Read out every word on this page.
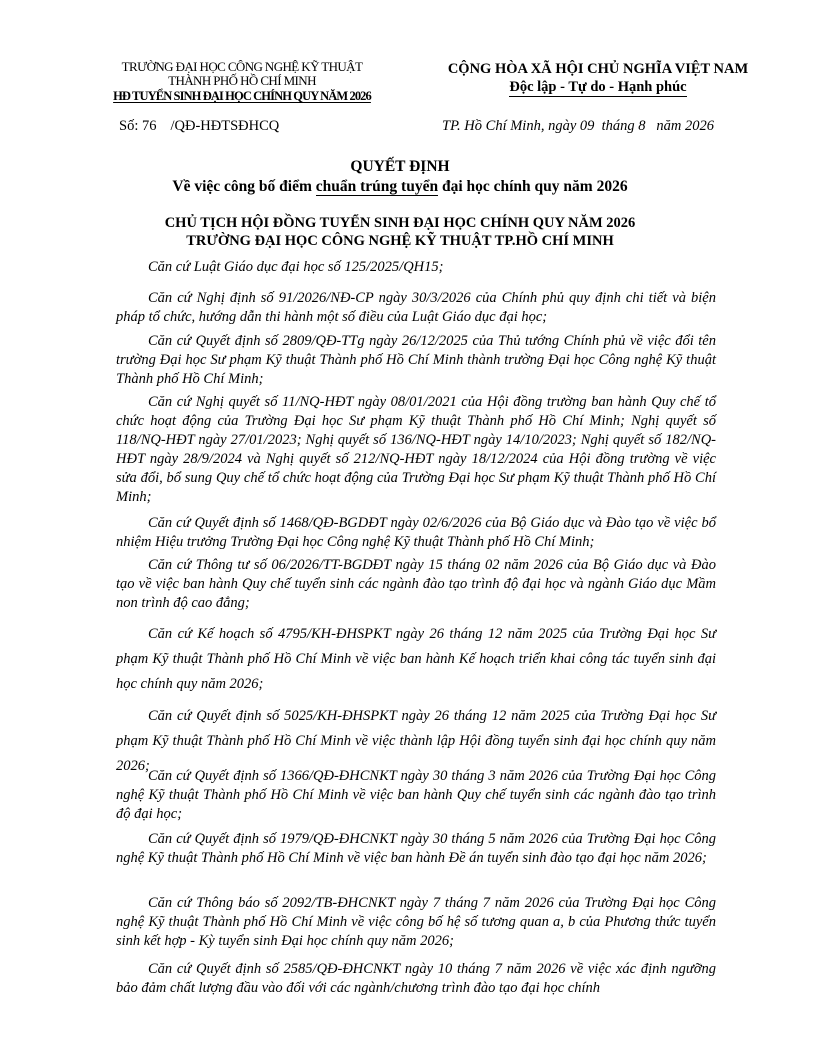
TRƯỜNG ĐẠI HỌC CÔNG NGHỆ KỸ THUẬT
THÀNH PHỐ HỒ CHÍ MINH
HĐ TUYỂN SINH ĐẠI HỌC CHÍNH QUY NĂM 2026
CỘNG HÒA XÃ HỘI CHỦ NGHĨA VIỆT NAM
Độc lập - Tự do - Hạnh phúc
Số: 76 /QĐ-HĐTSĐHCQ	TP. Hồ Chí Minh, ngày 09  tháng 8   năm 2026
QUYẾT ĐỊNH
Về việc công bố điểm chuẩn trúng tuyển đại học chính quy năm 2026
CHỦ TỊCH HỘI ĐỒNG TUYỂN SINH ĐẠI HỌC CHÍNH QUY NĂM 2026
TRƯỜNG ĐẠI HỌC CÔNG NGHỆ KỸ THUẬT TP.HỒ CHÍ MINH

Căn cứ Luật Giáo dục đại học số 125/2025/QH15;

Căn cứ Nghị định số 91/2026/NĐ-CP ngày 30/3/2026 của Chính phủ quy định chi tiết và biện pháp tổ chức, hướng dẫn thi hành một số điều của Luật Giáo dục đại học;

Căn cứ Quyết định số 2809/QĐ-TTg ngày 26/12/2025 của Thủ tướng Chính phủ về việc đổi tên trường Đại học Sư phạm Kỹ thuật Thành phố Hồ Chí Minh thành trường Đại học Công nghệ Kỹ thuật Thành phố Hồ Chí Minh;

Căn cứ Nghị quyết số 11/NQ-HĐT ngày 08/01/2021 của Hội đồng trường ban hành Quy chế tổ chức hoạt động của Trường Đại học Sư phạm Kỹ thuật Thành phố Hồ Chí Minh; Nghị quyết số 118/NQ-HĐT ngày 27/01/2023; Nghị quyết số 136/NQ-HĐT ngày 14/10/2023; Nghị quyết số 182/NQ-HĐT ngày 28/9/2024 và Nghị quyết số 212/NQ-HĐT ngày 18/12/2024 của Hội đồng trường về việc sửa đổi, bổ sung Quy chế tổ chức hoạt động của Trường Đại học Sư phạm Kỹ thuật Thành phố Hồ Chí Minh;

Căn cứ Quyết định số 1468/QĐ-BGDĐT ngày 02/6/2026 của Bộ Giáo dục và Đào tạo về việc bổ nhiệm Hiệu trưởng Trường Đại học Công nghệ Kỹ thuật Thành phố Hồ Chí Minh;

Căn cứ Thông tư số 06/2026/TT-BGDĐT ngày 15 tháng 02 năm 2026 của Bộ Giáo dục và Đào tạo về việc ban hành Quy chế tuyển sinh các ngành đào tạo trình độ đại học và ngành Giáo dục Mầm non trình độ cao đẳng;

Căn cứ Kế hoạch số 4795/KH-ĐHSPKT ngày 26 tháng 12 năm 2025 của Trường Đại học Sư phạm Kỹ thuật Thành phố Hồ Chí Minh về việc ban hành Kế hoạch triển khai công tác tuyển sinh đại học chính quy năm 2026;

Căn cứ Quyết định số 5025/KH-ĐHSPKT ngày 26 tháng 12 năm 2025 của Trường Đại học Sư phạm Kỹ thuật Thành phố Hồ Chí Minh về việc thành lập Hội đồng tuyển sinh đại học chính quy năm 2026;

Căn cứ Quyết định số 1366/QĐ-ĐHCNKT ngày 30 tháng 3 năm 2026 của Trường Đại học Công nghệ Kỹ thuật Thành phố Hồ Chí Minh về việc ban hành Quy chế tuyển sinh các ngành đào tạo trình độ đại học;

Căn cứ Quyết định số 1979/QĐ-ĐHCNKT ngày 30 tháng 5 năm 2026 của Trường Đại học Công nghệ Kỹ thuật Thành phố Hồ Chí Minh về việc ban hành Đề án tuyển sinh đào tạo đại học năm 2026;

Căn cứ Thông báo số 2092/TB-ĐHCNKT ngày 7 tháng 7 năm 2026 của Trường Đại học Công nghệ Kỹ thuật Thành phố Hồ Chí Minh về việc công bố hệ số tương quan a, b của Phương thức tuyển sinh kết hợp - Kỳ tuyển sinh Đại học chính quy năm 2026;

Căn cứ Quyết định số 2585/QĐ-ĐHCNKT ngày 10 tháng 7 năm 2026 về việc xác định ngưỡng bảo đảm chất lượng đầu vào đối với các ngành/chương trình đào tạo đại học chính
